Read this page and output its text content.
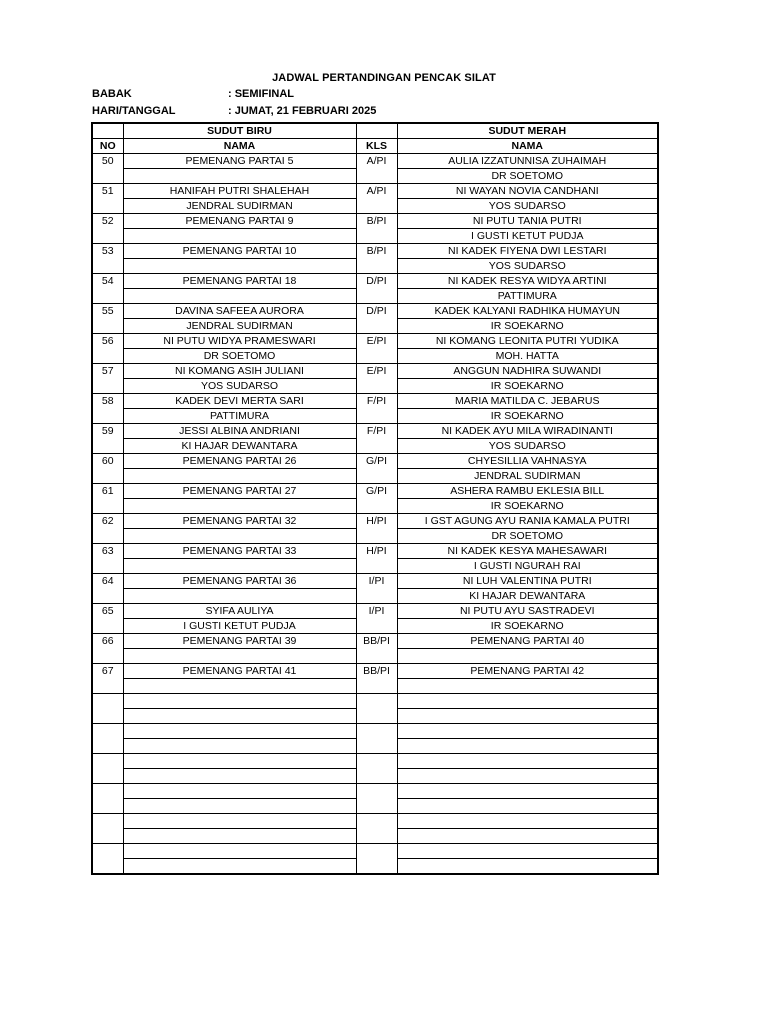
JADWAL PERTANDINGAN PENCAK SILAT
BABAK	: SEMIFINAL
HARI/TANGGAL	: JUMAT, 21 FEBRUARI 2025
	SUDUT BIRU		SUDUT MERAH
NO	NAMA	KLS	NAMA
50	PEMENANG PARTAI 5	A/PI	AULIA IZZATUNNISA ZUHAIMAH
			DR SOETOMO
51	HANIFAH PUTRI SHALEHAH	A/PI	NI WAYAN NOVIA CANDHANI
	JENDRAL SUDIRMAN		YOS SUDARSO
52	PEMENANG PARTAI 9	B/PI	NI PUTU TANIA PUTRI
			I GUSTI KETUT PUDJA
53	PEMENANG PARTAI 10	B/PI	NI KADEK FIYENA DWI LESTARI
			YOS SUDARSO
54	PEMENANG PARTAI 18	D/PI	NI KADEK RESYA WIDYA ARTINI
			PATTIMURA
55	DAVINA SAFEEA AURORA	D/PI	KADEK KALYANI RADHIKA HUMAYUN
	JENDRAL SUDIRMAN		IR SOEKARNO
56	NI PUTU WIDYA PRAMESWARI	E/PI	NI KOMANG LEONITA PUTRI YUDIKA
	DR SOETOMO		MOH. HATTA
57	NI KOMANG ASIH JULIANI	E/PI	ANGGUN NADHIRA SUWANDI
	YOS SUDARSO		IR SOEKARNO
58	KADEK DEVI MERTA SARI	F/PI	MARIA MATILDA C. JEBARUS
	PATTIMURA		IR SOEKARNO
59	JESSI ALBINA ANDRIANI	F/PI	NI KADEK AYU MILA WIRADINANTI
	KI HAJAR DEWANTARA		YOS SUDARSO
60	PEMENANG PARTAI 26	G/PI	CHYESILLIA VAHNASYA
			JENDRAL SUDIRMAN
61	PEMENANG PARTAI 27	G/PI	ASHERA RAMBU EKLESIA BILL
			IR SOEKARNO
62	PEMENANG PARTAI 32	H/PI	I GST AGUNG AYU RANIA KAMALA PUTRI
			DR SOETOMO
63	PEMENANG PARTAI 33	H/PI	NI KADEK KESYA MAHESAWARI
			I GUSTI NGURAH RAI
64	PEMENANG PARTAI 36	I/PI	NI LUH VALENTINA PUTRI
			KI HAJAR DEWANTARA
65	SYIFA AULIYA	I/PI	NI PUTU AYU SASTRADEVI
	I GUSTI KETUT PUDJA		IR SOEKARNO
66	PEMENANG PARTAI 39	BB/PI	PEMENANG PARTAI 40

67	PEMENANG PARTAI 41	BB/PI	PEMENANG PARTAI 42
